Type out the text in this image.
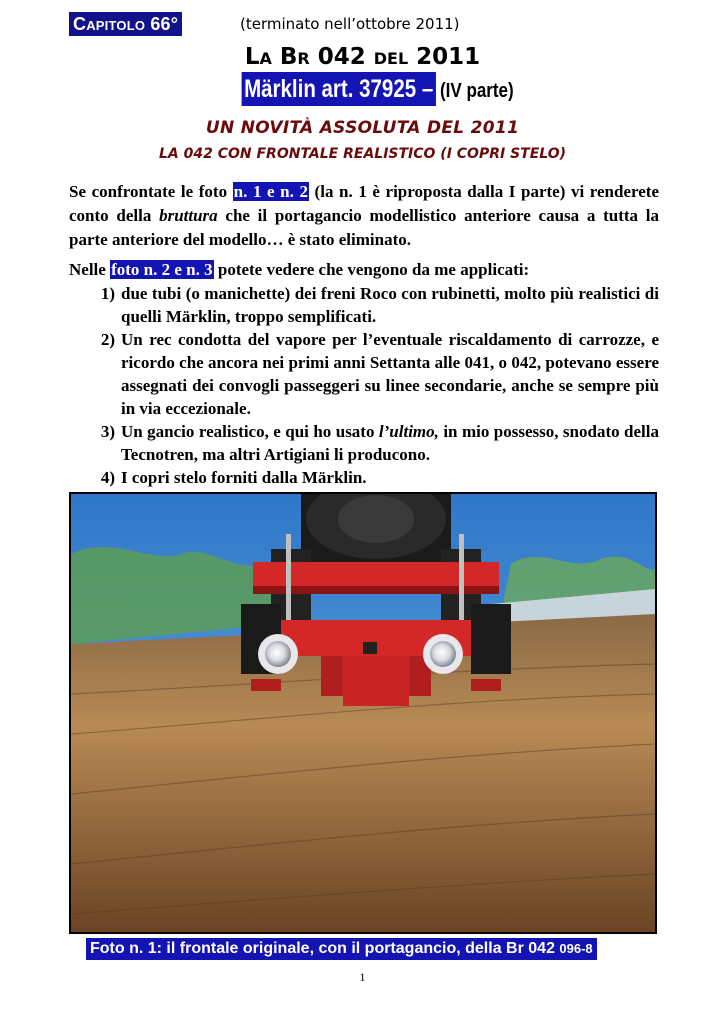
Capitolo 66°	(terminato nell’ottobre 2011)
La Br 042 del 2011
Märklin art. 37925 – (IV parte)
UN NOVITÀ ASSOLUTA DEL 2011
LA 042 CON FRONTALE REALISTICO (I COPRI STELO)
Se confrontate le foto n. 1 e n. 2 (la n. 1 è riproposta dalla I parte) vi renderete conto della bruttura che il portagancio modellistico anteriore causa a tutta la parte anteriore del modello… è stato eliminato.
Nelle foto n. 2 e n. 3 potete vedere che vengono da me applicati:
1) due tubi (o manichette) dei freni Roco con rubinetti, molto più realistici di quelli Märklin, troppo semplificati.
2) Un rec condotta del vapore per l’eventuale riscaldamento di carrozze, e ricordo che ancora nei primi anni Settanta alle 041, o 042, potevano essere assegnati dei convogli passeggeri su linee secondarie, anche se sempre più in via eccezionale.
3) Un gancio realistico, e qui ho usato l’ultimo, in mio possesso, snodato della Tecnotren, ma altri Artigiani li producono.
4) I copri stelo forniti dalla Märklin.
Foto n. 1: il frontale originale, con il portagancio, della Br 042 096-8
1
